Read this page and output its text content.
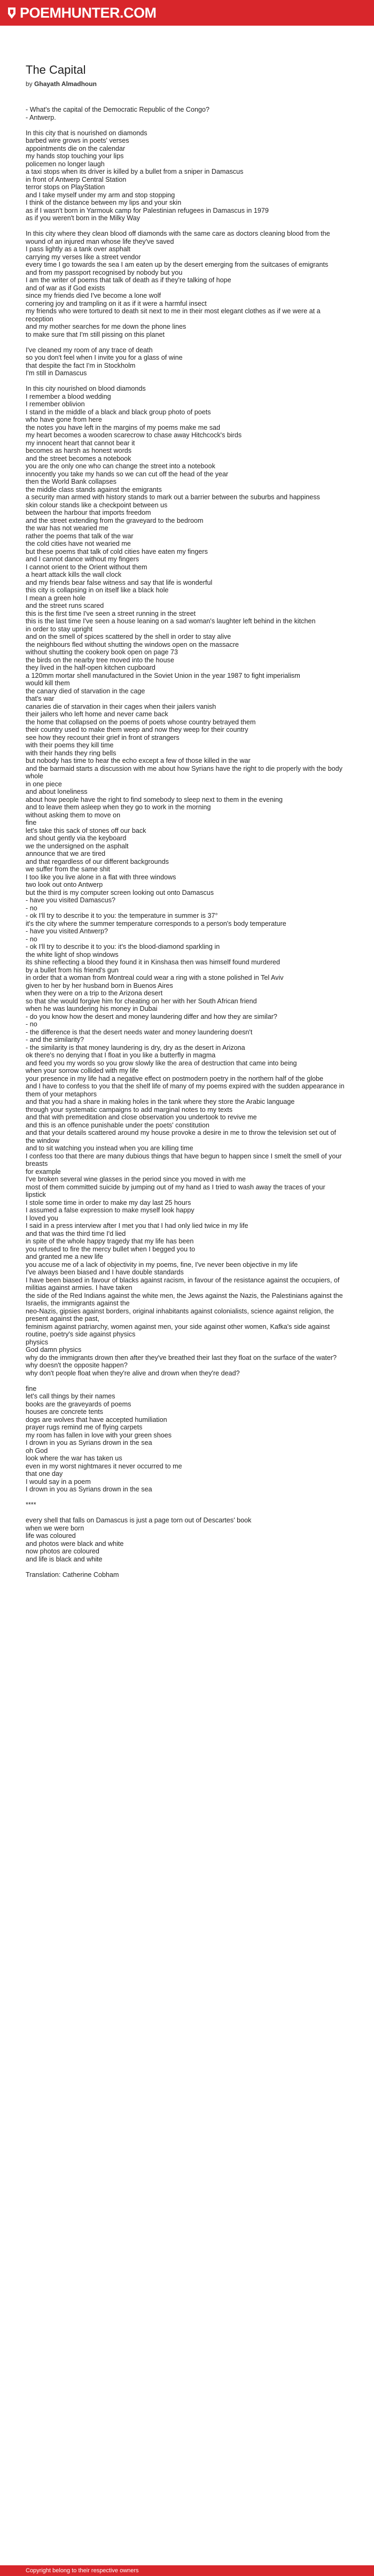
POEMHUNTER.COM
The Capital
by Ghayath Almadhoun
- What's the capital of the Democratic Republic of the Congo?
- Antwerp.
In this city that is nourished on diamonds
barbed wire grows in poets' verses
appointments die on the calendar
my hands stop touching your lips
policemen no longer laugh
a taxi stops when its driver is killed by a bullet from a sniper in Damascus
in front of Antwerp Central Station
terror stops on PlayStation
and I take myself under my arm and stop stopping
I think of the distance between my lips and your skin
as if I wasn't born in Yarmouk camp for Palestinian refugees in Damascus in 1979
as if you weren't born in the Milky Way
In this city where they clean blood off diamonds with the same care as doctors cleaning blood from the wound of an injured man whose life they've saved
I pass lightly as a tank over asphalt
carrying my verses like a street vendor
every time I go towards the sea I am eaten up by the desert emerging from the suitcases of emigrants
and from my passport recognised by nobody but you
I am the writer of poems that talk of death as if they're talking of hope
and of war as if God exists
since my friends died I've become a lone wolf
cornering joy and trampling on it as if it were a harmful insect
my friends who were tortured to death sit next to me in their most elegant clothes as if we were at a reception
and my mother searches for me down the phone lines
to make sure that I'm still pissing on this planet
I've cleaned my room of any trace of death
so you don't feel when I invite you for a glass of wine
that despite the fact I'm in Stockholm
I'm still in Damascus
In this city nourished on blood diamonds
I remember a blood wedding
I remember oblivion
I stand in the middle of a black and black group photo of poets
who have gone from here
the notes you have left in the margins of my poems make me sad
my heart becomes a wooden scarecrow to chase away Hitchcock's birds
my innocent heart that cannot bear it
becomes as harsh as honest words
and the street becomes a notebook
you are the only one who can change the street into a notebook
innocently you take my hands so we can cut off the head of the year
then the World Bank collapses
the middle class stands against the emigrants
a security man armed with history stands to mark out a barrier between the suburbs and happiness
skin colour stands like a checkpoint between us
between the harbour that imports freedom
and the street extending from the graveyard to the bedroom
the war has not wearied me
rather the poems that talk of the war
the cold cities have not wearied me
but these poems that talk of cold cities have eaten my fingers
and I cannot dance without my fingers
I cannot orient to the Orient without them
a heart attack kills the wall clock
and my friends bear false witness and say that life is wonderful
this city is collapsing in on itself like a black hole
I mean a green hole
and the street runs scared
this is the first time I've seen a street running in the street
this is the last time I've seen a house leaning on a sad woman's laughter left behind in the kitchen
in order to stay upright
and on the smell of spices scattered by the shell in order to stay alive
the neighbours fled without shutting the windows open on the massacre
without shutting the cookery book open on page 73
the birds on the nearby tree moved into the house
they lived in the half-open kitchen cupboard
a 120mm mortar shell manufactured in the Soviet Union in the year 1987 to fight imperialism
would kill them
the canary died of starvation in the cage
that's war
canaries die of starvation in their cages when their jailers vanish
their jailers who left home and never came back
the home that collapsed on the poems of poets whose country betrayed them
their country used to make them weep and now they weep for their country
see how they recount their grief in front of strangers
with their poems they kill time
with their hands they ring bells
but nobody has time to hear the echo except a few of those killed in the war
and the barmaid starts a discussion with me about how Syrians have the right to die properly with the body whole
in one piece
and about loneliness
about how people have the right to find somebody to sleep next to them in the evening
and to leave them asleep when they go to work in the morning
without asking them to move on
fine
let's take this sack of stones off our back
and shout gently via the keyboard
we the undersigned on the asphalt
announce that we are tired
and that regardless of our different backgrounds
we suffer from the same shit
I too like you live alone in a flat with three windows
two look out onto Antwerp
but the third is my computer screen looking out onto Damascus
- have you visited Damascus?
- no
- ok I'll try to describe it to you: the temperature in summer is 37°
it's the city where the summer temperature corresponds to a person's body temperature
- have you visited Antwerp?
- no
- ok I'll try to describe it to you: it's the blood-diamond sparkling in
the white light of shop windows
its shine reflecting a blood they found it in Kinshasa then was himself found murdered
by a bullet from his friend's gun
in order that a woman from Montreal could wear a ring with a stone polished in Tel Aviv
given to her by her husband born in Buenos Aires
when they were on a trip to the Arizona desert
so that she would forgive him for cheating on her with her South African friend
when he was laundering his money in Dubai
- do you know how the desert and money laundering differ and how they are similar?
- no
- the difference is that the desert needs water and money laundering doesn't
- and the similarity?
- the similarity is that money laundering is dry, dry as the desert in Arizona
ok there's no denying that I float in you like a butterfly in magma
and feed you my words so you grow slowly like the area of destruction that came into being
when your sorrow collided with my life
your presence in my life had a negative effect on postmodern poetry in the northern half of the globe
and I have to confess to you that the shelf life of many of my poems expired with the sudden appearance in them of your metaphors
and that you had a share in making holes in the tank where they store the Arabic language
through your systematic campaigns to add marginal notes to my texts
and that with premeditation and close observation you undertook to revive me
and this is an offence punishable under the poets' constitution
and that your details scattered around my house provoke a desire in me to throw the television set out of the window
and to sit watching you instead when you are killing time
I confess too that there are many dubious things that have begun to happen since I smelt the smell of your breasts
for example
I've broken several wine glasses in the period since you moved in with me
most of them committed suicide by jumping out of my hand as I tried to wash away the traces of your lipstick
I stole some time in order to make my day last 25 hours
I assumed a false expression to make myself look happy
I loved you
I said in a press interview after I met you that I had only lied twice in my life
and that was the third time I'd lied
in spite of the whole happy tragedy that my life has been
you refused to fire the mercy bullet when I begged you to
and granted me a new life
you accuse me of a lack of objectivity in my poems, fine, I've never been objective in my life
I've always been biased and I have double standards
I have been biased in favour of blacks against racism, in favour of the resistance against the occupiers, of militias against armies. I have taken
the side of the Red Indians against the white men, the Jews against the Nazis, the Palestinians against the Israelis, the immigrants against the
neo-Nazis, gipsies against borders, original inhabitants against colonialists, science against religion, the present against the past,
feminism against patriarchy, women against men, your side against other women, Kafka's side against routine, poetry's side against physics
physics
God damn physics
why do the immigrants drown then after they've breathed their last they float on the surface of the water?
why doesn't the opposite happen?
why don't people float when they're alive and drown when they're dead?
fine
let's call things by their names
books are the graveyards of poems
houses are concrete tents
dogs are wolves that have accepted humiliation
prayer rugs remind me of flying carpets
my room has fallen in love with your green shoes
I drown in you as Syrians drown in the sea
oh God
look where the war has taken us
even in my worst nightmares it never occurred to me
that one day
I would say in a poem
I drown in you as Syrians drown in the sea
****
every shell that falls on Damascus is just a page torn out of Descartes' book
when we were born
life was coloured
and photos were black and white
now photos are coloured
and life is black and white
Translation: Catherine Cobham
Copyright belong to their respective owners
